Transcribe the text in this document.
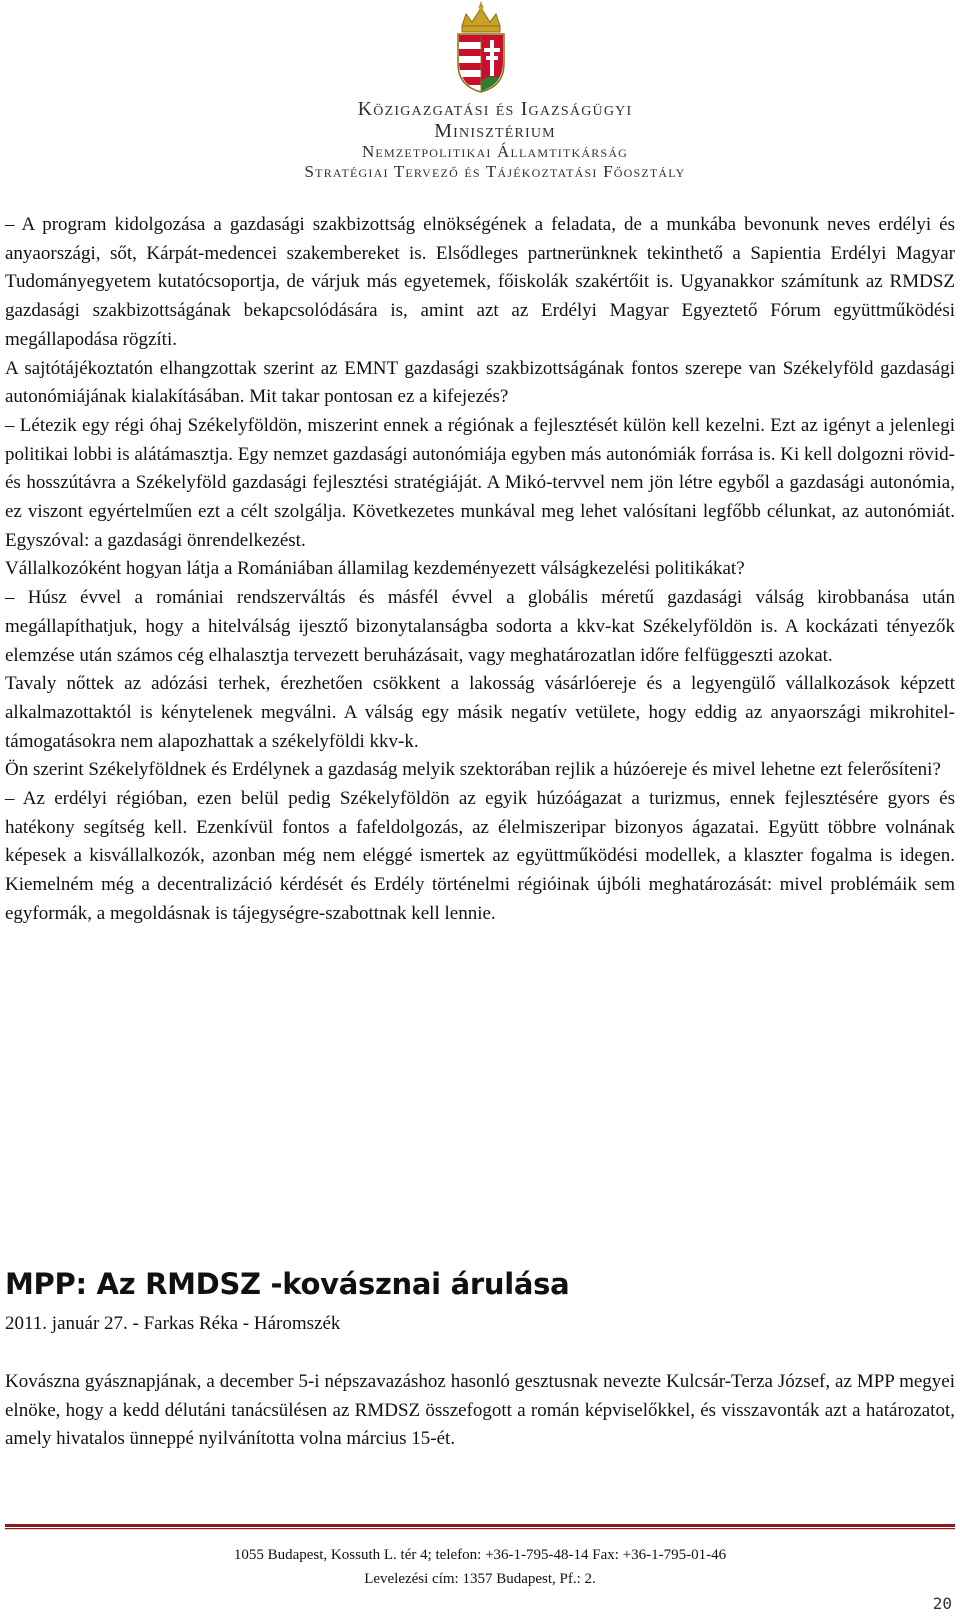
Közigazgatási és Igazságügyi
Minisztérium
Nemzetpolitikai Államtitkárság
Stratégiai Tervező és Tájékoztatási Főosztály

– A program kidolgozása a gazdasági szakbizottság elnökségének a feladata, de a munkába bevonunk neves erdélyi és anyaországi, sőt, Kárpát-medencei szakembereket is. Elsődleges partnerünknek tekinthető a Sapientia Erdélyi Magyar Tudományegyetem kutatócsoportja, de várjuk más egyetemek, főiskolák szakértőit is. Ugyanakkor számítunk az RMDSZ gazdasági szakbizottságának bekapcsolódására is, amint azt az Erdélyi Magyar Egyeztető Fórum együttműködési megállapodása rögzíti.

A sajtótájékoztatón elhangzottak szerint az EMNT gazdasági szakbizottságának fontos szerepe van Székelyföld gazdasági autonómiájának kialakításában. Mit takar pontosan ez a kifejezés?

– Létezik egy régi óhaj Székelyföldön, miszerint ennek a régiónak a fejlesztését külön kell kezelni. Ezt az igényt a jelenlegi politikai lobbi is alátámasztja. Egy nemzet gazdasági autonómiája egyben más autonómiák forrása is. Ki kell dolgozni rövid- és hosszútávra a Székelyföld gazdasági fejlesztési stratégiáját. A Mikó-tervvel nem jön létre egyből a gazdasági autonómia, ez viszont egyértelműen ezt a célt szolgálja. Következetes munkával meg lehet valósítani legfőbb célunkat, az autonómiát. Egyszóval: a gazdasági önrendelkezést.

Vállalkozóként hogyan látja a Romániában államilag kezdeményezett válságkezelési politikákat?

– Húsz évvel a romániai rendszerváltás és másfél évvel a globális méretű gazdasági válság kirobbanása után megállapíthatjuk, hogy a hitelválság ijesztő bizonytalanságba sodorta a kkv-kat Székelyföldön is. A kockázati tényezők elemzése után számos cég elhalasztja tervezett beruházásait, vagy meghatározatlan időre felfüggeszti azokat.

Tavaly nőttek az adózási terhek, érezhetően csökkent a lakosság vásárlóereje és a legyengülő vállalkozások képzett alkalmazottaktól is kénytelenek megválni. A válság egy másik negatív vetülete, hogy eddig az anyaországi mikrohitel-támogatásokra nem alapozhattak a székelyföldi kkv-k.

Ön szerint Székelyföldnek és Erdélynek a gazdaság melyik szektorában rejlik a húzóereje és mivel lehetne ezt felerősíteni?

– Az erdélyi régióban, ezen belül pedig Székelyföldön az egyik húzóágazat a turizmus, ennek fejlesztésére gyors és hatékony segítség kell. Ezenkívül fontos a fafeldolgozás, az élelmiszeripar bizonyos ágazatai. Együtt többre volnának képesek a kisvállalkozók, azonban még nem eléggé ismertek az együttműködési modellek, a klaszter fogalma is idegen. Kiemelném még a decentralizáció kérdését és Erdély történelmi régióinak újbóli meghatározását: mivel problémáik sem egyformák, a megoldásnak is tájegységre-szabottnak kell lennie.

MPP: Az RMDSZ -kovásznai árulása
2011. január 27. - Farkas Réka - Háromszék

Kovászna gyásznapjának, a december 5-i népszavazáshoz hasonló gesztusnak nevezte Kulcsár-Terza József, az MPP megyei elnöke, hogy a kedd délutáni tanácsülésen az RMDSZ összefogott a román képviselőkkel, és visszavonták azt a határozatot, amely hivatalos ünneppé nyilvánította volna március 15-ét.

1055 Budapest, Kossuth L. tér 4; telefon: +36-1-795-48-14 Fax: +36-1-795-01-46
Levelezési cím: 1357 Budapest, Pf.: 2.
20
